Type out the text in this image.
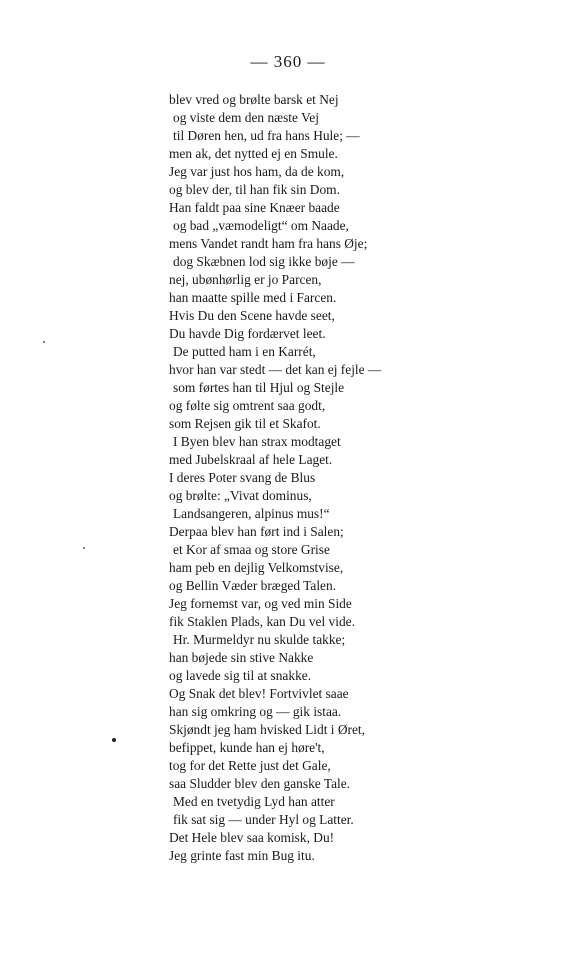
— 360 —
blev vred og brølte barsk et Nej
og viste dem den næste Vej
til Døren hen, ud fra hans Hule; —
men ak, det nytted ej en Smule.
Jeg var just hos ham, da de kom,
og blev der, til han fik sin Dom.
Han faldt paa sine Knæer baade
og bad „væmodeligt“ om Naade,
mens Vandet randt ham fra hans Øje;
dog Skæbnen lod sig ikke bøje —
nej, ubønhørlig er jo Parcen,
han maatte spille med i Farcen.
Hvis Du den Scene havde seet,
Du havde Dig fordærvet leet.
De putted ham i en Karrét,
hvor han var stedt — det kan ej fejle —
som førtes han til Hjul og Stejle
og følte sig omtrent saa godt,
som Rejsen gik til et Skafot.
I Byen blev han strax modtaget
med Jubelskraal af hele Laget.
I deres Poter svang de Blus
og brølte: „Vivat dominus,
Landsangeren, alpinus mus!“
Derpaa blev han ført ind i Salen;
et Kor af smaa og store Grise
ham peb en dejlig Velkomstvise,
og Bellin Væder bræged Talen.
Jeg fornemst var, og ved min Side
fik Staklen Plads, kan Du vel vide.
Hr. Murmeldyr nu skulde takke;
han bøjede sin stive Nakke
og lavede sig til at snakke.
Og Snak det blev! Fortvivlet saae
han sig omkring og — gik istaa.
Skjøndt jeg ham hvisked Lidt i Øret,
befippet, kunde han ej høre't,
tog for det Rette just det Gale,
saa Sludder blev den ganske Tale.
Med en tvetydig Lyd han atter
fik sat sig — under Hyl og Latter.
Det Hele blev saa komisk, Du!
Jeg grinte fast min Bug itu.
